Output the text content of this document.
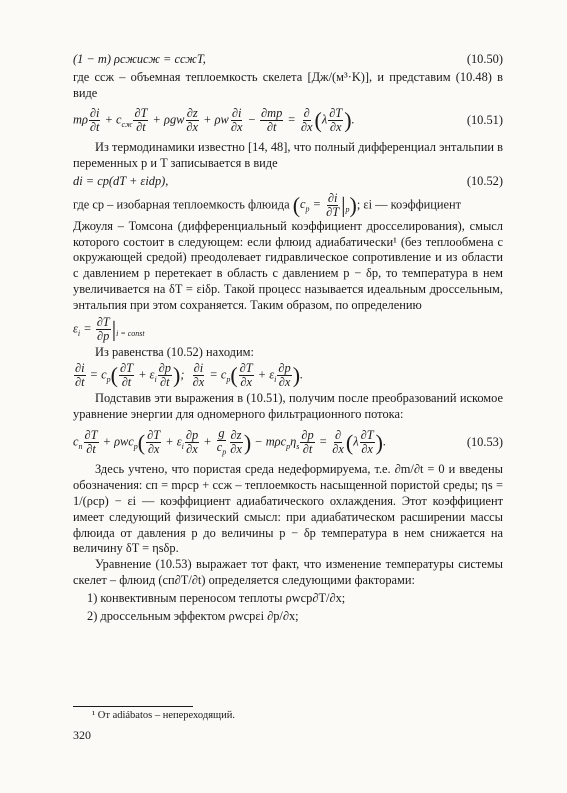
(1 − m) ρсжuсж = cсжT,	(10.50)

где cсж – объемная теплоемкость скелета [Дж/(м³·K)], и представим (10.48) в виде

mρ $\frac{\partial i}{\partial t} + c_{сж} \frac{\partial T}{\partial t} + \rho gw \frac{\partial z}{\partial x} + \rho w \frac{\partial i}{\partial x} - \frac{\partial mp}{\partial t} = \frac{\partial}{\partial x} (\lambda \frac{\partial T}{\partial x}$ ).	(10.51)

Из термодинамики известно [14, 48], что полный дифференциал энтальпии в переменных p и T записывается в виде

di = cp(dT + εidp),	(10.52)

где cp – изобарная теплоемкость флюида $(c_p = \frac{\partial i}{\partial T} |_p)$; εi — коэффициент

Джоуля – Томсона (дифференциальный коэффициент дросселирования), смысл которого состоит в следующем: если флюид адиабатически¹ (без теплообмена с окружающей средой) преодолевает гидравлическое сопротивление и из области с давлением p перетекает в область с давлением p − δp, то температура в нем увеличивается на δT = εiδp. Такой процесс называется идеальным дроссельным, энтальпия при этом сохраняется. Таким образом, по определению

$\varepsilon_i = \frac{\partial T}{\partial p} |_{i = const}$

Из равенства (10.52) находим:

$\frac{\partial i}{\partial t} = c_p( \frac{\partial T}{\partial t} + \varepsilon_i \frac{\partial p}{\partial t}$ ); $\frac{\partial i}{\partial x} = c_p( \frac{\partial T}{\partial x} + \varepsilon_i \frac{\partial p}{\partial x}$ ).

Подставив эти выражения в (10.51), получим после преобразований искомое уравнение энергии для одномерного фильтрационного потока:

$c_п \frac{\partial T}{\partial t} + \rho wc_p( \frac{\partial T}{\partial x} + \varepsilon_i \frac{\partial p}{\partial x} + \frac{g}{c_p} \frac{\partial z}{\partial x}$ ) − $m\rho c_p\eta_s \frac{\partial p}{\partial t} = \frac{\partial}{\partial x} (\lambda \frac{\partial T}{\partial x}$ ).	(10.53)

Здесь учтено, что пористая среда недеформируема, т.е. ∂m/∂t = 0 и введены обозначения: cп = mρcp + cсж – теплоемкость насыщенной пористой среды; ηs = 1/(ρcp) − εi — коэффициент адиабатического охлаждения. Этот коэффициент имеет следующий физический смысл: при адиабатическом расширении массы флюида от давления p до величины p − δp температура в нем снижается на величину δT = ηsδp.

Уравнение (10.53) выражает тот факт, что изменение температуры системы скелет – флюид (cп∂T/∂t) определяется следующими факторами:

1) конвективным переносом теплоты ρwcp∂T/∂x;
2) дроссельным эффектом ρwcpεi ∂p/∂x;
¹ От adiábatos – непереходящий.
320
